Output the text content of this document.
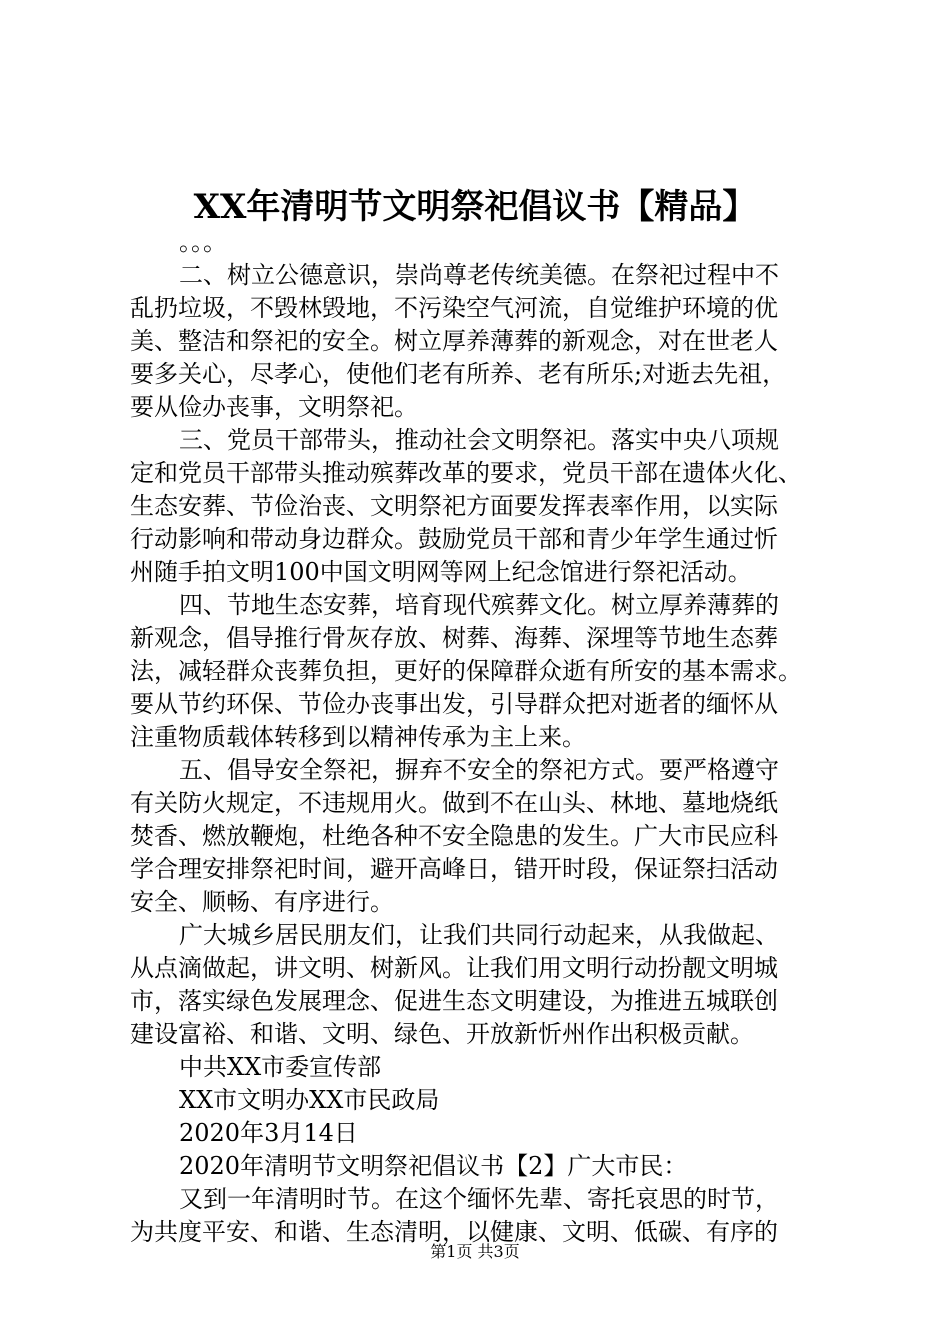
XX年清明节文明祭祀倡议书【精品】
。。。
二、树立公德意识，崇尚尊老传统美德。在祭祀过程中不
乱扔垃圾，不毁林毁地，不污染空气河流，自觉维护环境的优
美、整洁和祭祀的安全。树立厚养薄葬的新观念，对在世老人
要多关心，尽孝心，使他们老有所养、老有所乐;对逝去先祖，
要从俭办丧事，文明祭祀。
三、党员干部带头，推动社会文明祭祀。落实中央八项规
定和党员干部带头推动殡葬改革的要求，党员干部在遗体火化、
生态安葬、节俭治丧、文明祭祀方面要发挥表率作用，以实际
行动影响和带动身边群众。鼓励党员干部和青少年学生通过忻
州随手拍文明100中国文明网等网上纪念馆进行祭祀活动。
四、节地生态安葬，培育现代殡葬文化。树立厚养薄葬的
新观念，倡导推行骨灰存放、树葬、海葬、深埋等节地生态葬
法，减轻群众丧葬负担，更好的保障群众逝有所安的基本需求。
要从节约环保、节俭办丧事出发，引导群众把对逝者的缅怀从
注重物质载体转移到以精神传承为主上来。
五、倡导安全祭祀，摒弃不安全的祭祀方式。要严格遵守
有关防火规定，不违规用火。做到不在山头、林地、墓地烧纸
焚香、燃放鞭炮，杜绝各种不安全隐患的发生。广大市民应科
学合理安排祭祀时间，避开高峰日，错开时段，保证祭扫活动
安全、顺畅、有序进行。
广大城乡居民朋友们，让我们共同行动起来，从我做起、
从点滴做起，讲文明、树新风。让我们用文明行动扮靓文明城
市，落实绿色发展理念、促进生态文明建设，为推进五城联创
建设富裕、和谐、文明、绿色、开放新忻州作出积极贡献。
中共XX市委宣传部
XX市文明办XX市民政局
2020年3月14日
2020年清明节文明祭祀倡议书【2】广大市民：
又到一年清明时节。在这个缅怀先辈、寄托哀思的时节，
为共度平安、和谐、生态清明，以健康、文明、低碳、有序的
第1页 共3页
